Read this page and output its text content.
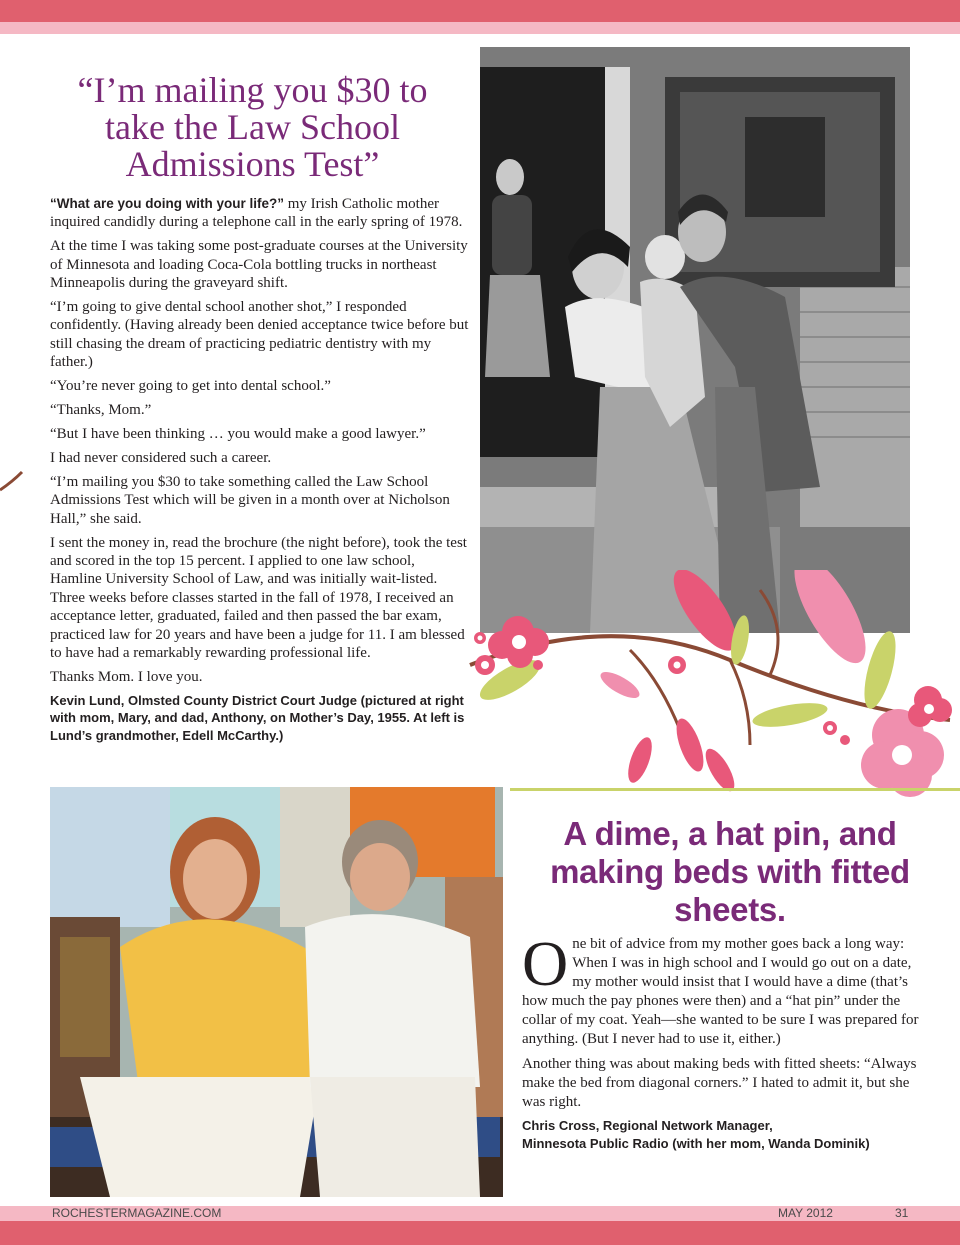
“I’m mailing you $30 to take the Law School Admissions Test”

“What are you doing with your life?” my Irish Catholic mother inquired candidly during a telephone call in the early spring of 1978.

At the time I was taking some post-graduate courses at the University of Minnesota and loading Coca-Cola bottling trucks in northeast Minneapolis during the graveyard shift.

“I’m going to give dental school another shot,” I responded confidently. (Having already been denied acceptance twice before but still chasing the dream of practicing pediatric dentistry with my father.)

“You’re never going to get into dental school.”

“Thanks, Mom.”

“But I have been thinking … you would make a good lawyer.”

I had never considered such a career.

“I’m mailing you $30 to take something called the Law School Admissions Test which will be given in a month over at Nicholson Hall,” she said.

I sent the money in, read the brochure (the night before), took the test and scored in the top 15 percent. I applied to one law school, Hamline University School of Law, and was initially wait-listed. Three weeks before classes started in the fall of 1978, I received an acceptance letter, graduated, failed and then passed the bar exam, practiced law for 20 years and have been a judge for 11. I am blessed to have had a remarkably rewarding professional life.

Thanks Mom. I love you.

Kevin Lund, Olmsted County District Court Judge (pictured at right with mom, Mary, and dad, Anthony, on Mother’s Day, 1955. At left is Lund’s grandmother, Edell McCarthy.)

A dime, a hat pin, and making beds with fitted sheets.

One bit of advice from my mother goes back a long way: When I was in high school and I would go out on a date, my mother would insist that I would have a dime (that’s how much the pay phones were then) and a “hat pin” under the collar of my coat. Yeah—she wanted to be sure I was prepared for anything. (But I never had to use it, either.)

Another thing was about making beds with fitted sheets: “Always make the bed from diagonal corners.” I hated to admit it, but she was right.

Chris Cross, Regional Network Manager,
Minnesota Public Radio (with her mom, Wanda Dominik)

ROCHESTERMAGAZINE.COM	MAY 2012	31
